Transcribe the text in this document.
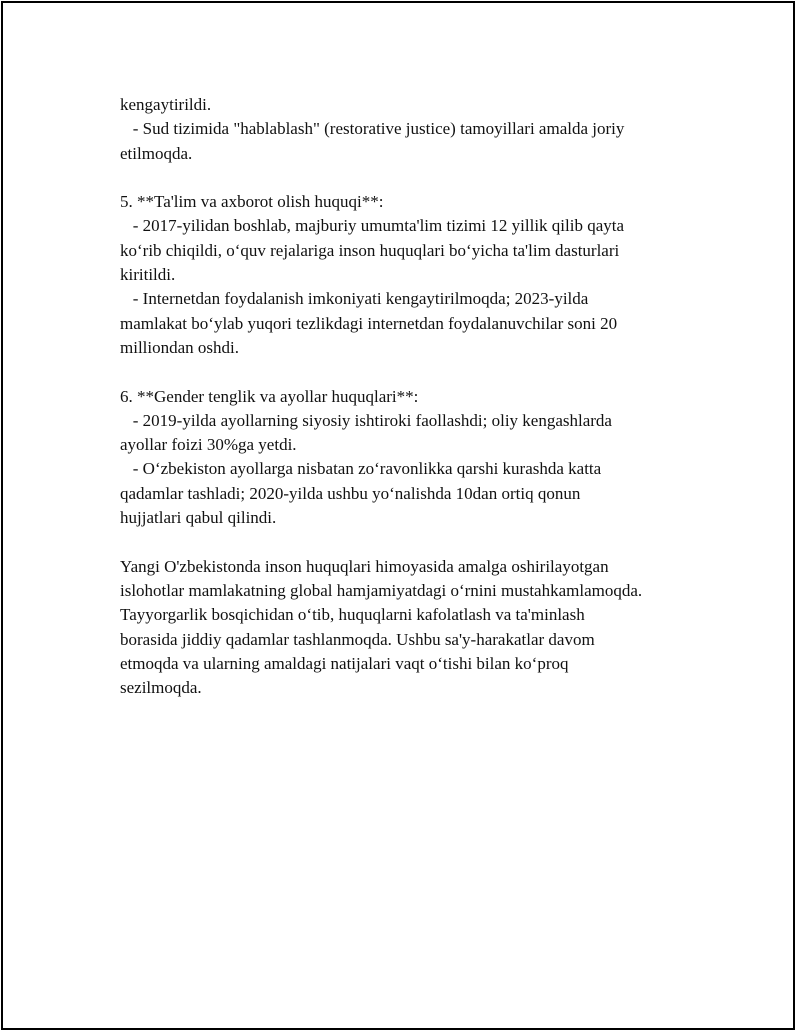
kengaytirildi.
- Sud tizimida "hablablash" (restorative justice) tamoyillari amalda joriy
etilmoqda.
5. **Ta'lim va axborot olish huquqi**:
- 2017-yilidan boshlab, majburiy umumta'lim tizimi 12 yillik qilib qayta
ko‘rib chiqildi, o‘quv rejalariga inson huquqlari bo‘yicha ta'lim dasturlari
kiritildi.
- Internetdan foydalanish imkoniyati kengaytirilmoqda; 2023-yilda
mamlakat bo‘ylab yuqori tezlikdagi internetdan foydalanuvchilar soni 20
milliondan oshdi.
6. **Gender tenglik va ayollar huquqlari**:
- 2019-yilda ayollarning siyosiy ishtiroki faollashdi; oliy kengashlarda
ayollar foizi 30%ga yetdi.
- O‘zbekiston ayollarga nisbatan zo‘ravonlikka qarshi kurashda katta
qadamlar tashladi; 2020-yilda ushbu yo‘nalishda 10dan ortiq qonun
hujjatlari qabul qilindi.
Yangi O'zbekistonda inson huquqlari himoyasida amalga oshirilayotgan
islohotlar mamlakatning global hamjamiyatdagi o‘rnini mustahkamlamoqda.
Tayyorgarlik bosqichidan o‘tib, huquqlarni kafolatlash va ta'minlash
borasida jiddiy qadamlar tashlanmoqda. Ushbu sa'y-harakatlar davom
etmoqda va ularning amaldagi natijalari vaqt o‘tishi bilan ko‘proq
sezilmoqda.
